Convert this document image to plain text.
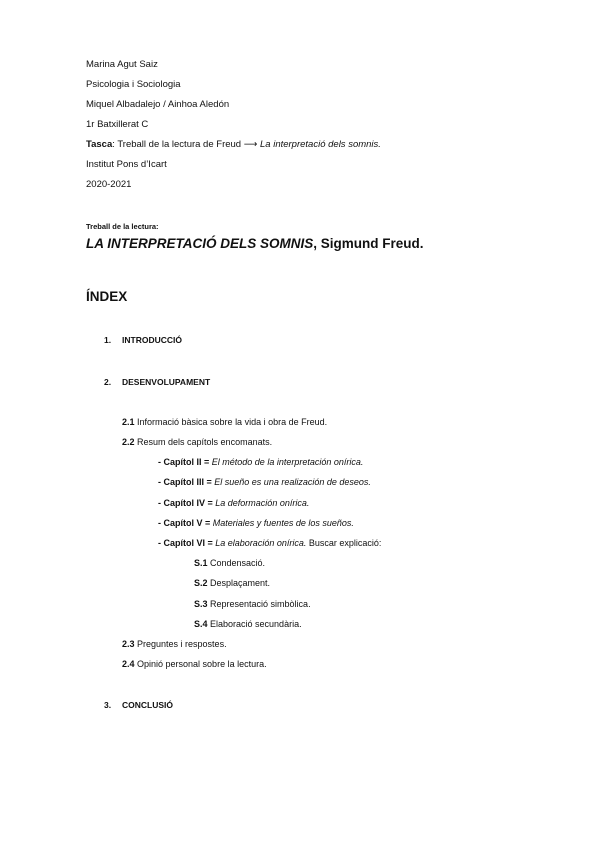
Marina Agut Saiz
Psicologia i Sociologia
Miquel Albadalejo / Ainhoa Aledón
1r Batxillerat C
Tasca: Treball de la lectura de Freud ⟶ La interpretació dels somnis.
Institut Pons d’Icart
2020-2021
Treball de la lectura:
LA INTERPRETACIÓ DELS SOMNIS, Sigmund Freud.
ÍNDEX
1. INTRODUCCIÓ
2. DESENVOLUPAMENT
2.1 Informació bàsica sobre la vida i obra de Freud.
2.2 Resum dels capítols encomanats.
- Capítol II = El método de la interpretación onírica.
- Capítol III = El sueño es una realización de deseos.
- Capítol IV = La deformación onírica.
- Capítol V = Materiales y fuentes de los sueños.
- Capítol VI = La elaboración onírica. Buscar explicació:
S.1 Condensació.
S.2 Desplaçament.
S.3 Representació simbòlica.
S.4 Elaboració secundària.
2.3 Preguntes i respostes.
2.4 Opinió personal sobre la lectura.
3. CONCLUSIÓ
